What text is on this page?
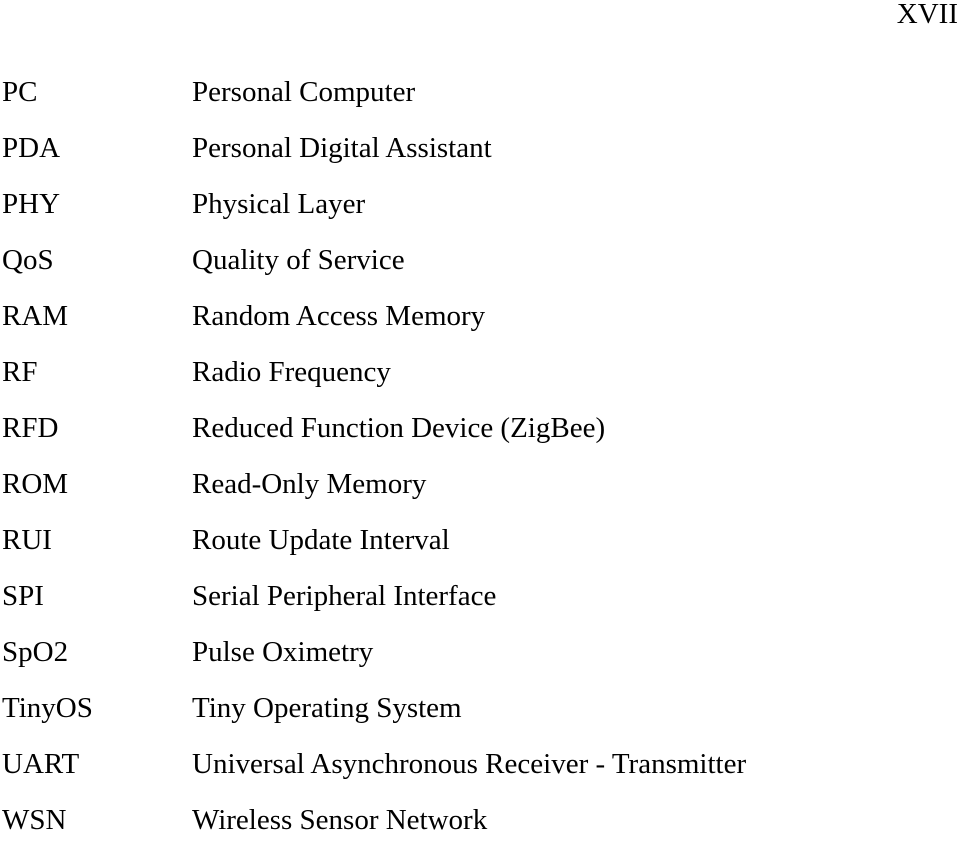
XVII
PC	Personal Computer
PDA	Personal Digital Assistant
PHY	Physical Layer
QoS	Quality of Service
RAM	Random Access Memory
RF	Radio Frequency
RFD	Reduced Function Device (ZigBee)
ROM	Read-Only Memory
RUI	Route Update Interval
SPI	Serial Peripheral Interface
SpO2	Pulse Oximetry
TinyOS	Tiny Operating System
UART	Universal Asynchronous Receiver - Transmitter
WSN	Wireless Sensor Network
